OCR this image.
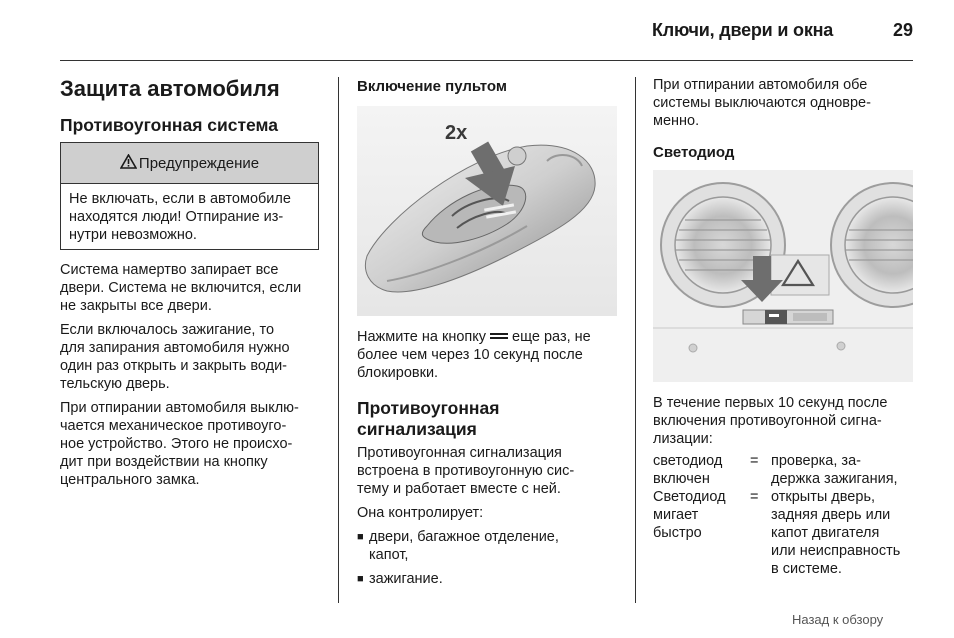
Ключи, двери и окна	29
Защита автомобиля
Противоугонная система
Предупреждение
Не включать, если в автомобиле
находятся люди! Отпирание из-
нутри невозможно.

Система намертво запирает все
двери. Система не включится, если
не закрыты все двери.

Если включалось зажигание, то
для запирания автомобиля нужно
один раз открыть и закрыть води-
тельскую дверь.

При отпирании автомобиля выклю-
чается механическое противоуго-
ное устройство. Этого не происхо-
дит при воздействии на кнопку
центрального замка.

Включение пультом
2x

Нажмите на кнопку  еще раз, не
более чем через 10 секунд после
блокировки.

Противоугонная
сигнализация

Противоугонная сигнализация
встроена в противоугонную сис-
тему и работает вместе с ней.

Она контролирует:

■ двери, багажное отделение,
капот,
■ зажигание.

При отпирании автомобиля обе
системы выключаются одновре-
менно.

Светодиод

В течение первых 10 секунд после
включения противоугонной сигна-
лизации:

светодиод
включен
= проверка, за-
держка зажигания,
Светодиод
мигает
быстро
= открыты дверь,
задняя дверь или
капот двигателя
или неисправность
в системе.
Назад к обзору
